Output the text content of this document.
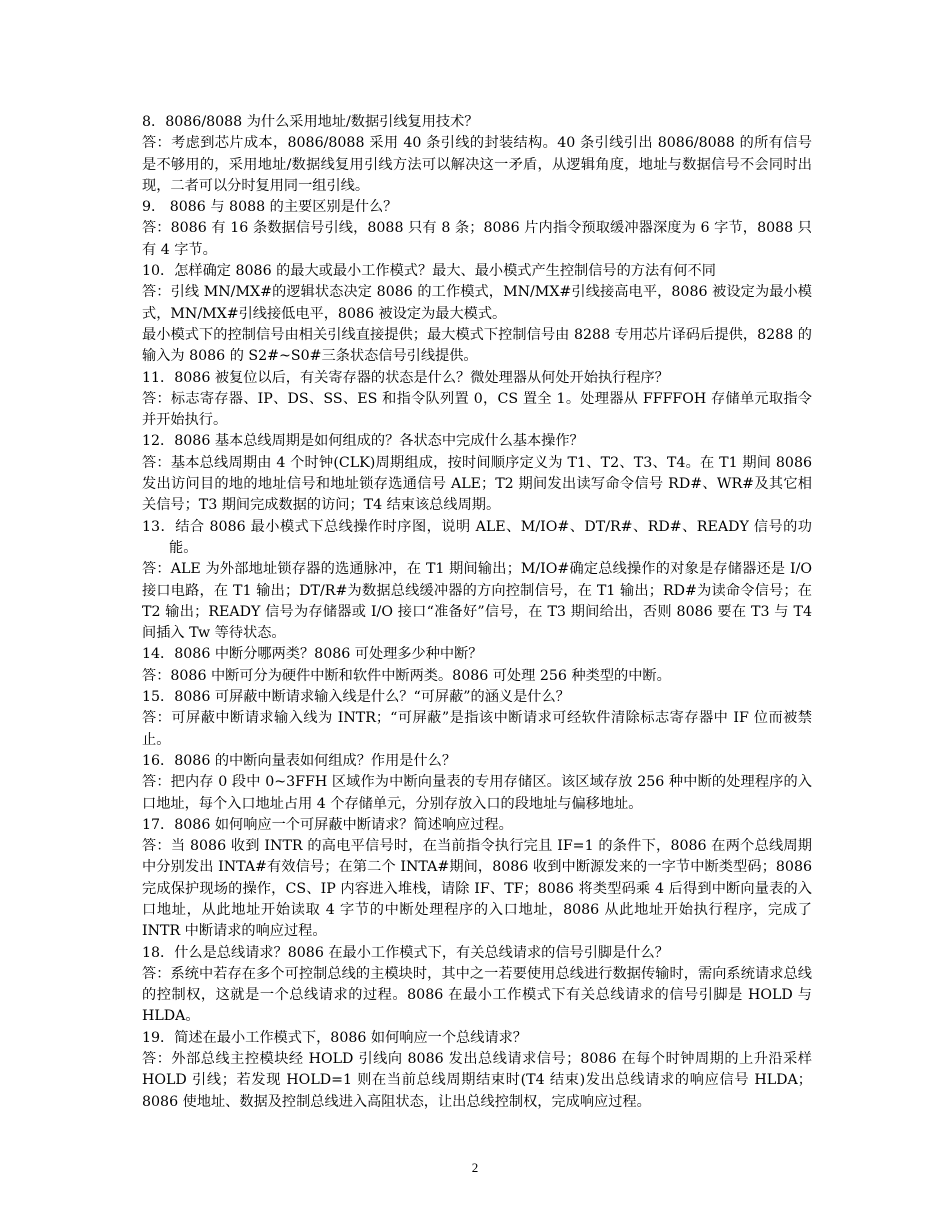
8．8086/8088 为什么采用地址/数据引线复用技术？

答：考虑到芯片成本，8086/8088 采用 40 条引线的封装结构。40 条引线引出 8086/8088 的所有信号是不够用的，采用地址/数据线复用引线方法可以解决这一矛盾，从逻辑角度，地址与数据信号不会同时出现，二者可以分时复用同一组引线。

9． 8086 与 8088 的主要区别是什么？

答：8086 有 16 条数据信号引线，8088 只有 8 条；8086 片内指令预取缓冲器深度为 6 字节，8088 只有 4 字节。

10．怎样确定 8086 的最大或最小工作模式？最大、最小模式产生控制信号的方法有何不同

答：引线 MN/MX#的逻辑状态决定 8086 的工作模式，MN/MX#引线接高电平，8086 被设定为最小模式，MN/MX#引线接低电平，8086 被设定为最大模式。

最小模式下的控制信号由相关引线直接提供；最大模式下控制信号由 8288 专用芯片译码后提供，8288 的输入为 8086 的 S2#~S0#三条状态信号引线提供。

11．8086 被复位以后，有关寄存器的状态是什么？微处理器从何处开始执行程序？

答：标志寄存器、IP、DS、SS、ES 和指令队列置 0，CS 置全 1。处理器从 FFFFOH 存储单元取指令并开始执行。

12．8086 基本总线周期是如何组成的？各状态中完成什么基本操作？

答：基本总线周期由 4 个时钟(CLK)周期组成，按时间顺序定义为 T1、T2、T3、T4。在 T1 期间 8086 发出访问目的地的地址信号和地址锁存选通信号 ALE；T2 期间发出读写命令信号 RD#、WR#及其它相关信号；T3 期间完成数据的访问；T4 结束该总线周期。

13．结合 8086 最小模式下总线操作时序图，说明 ALE、M/IO#、DT/R#、RD#、READY 信号的功能。

答：ALE 为外部地址锁存器的选通脉冲，在 T1 期间输出；M/IO#确定总线操作的对象是存储器还是 I/O 接口电路，在 T1 输出；DT/R#为数据总线缓冲器的方向控制信号，在 T1 输出；RD#为读命令信号；在 T2 输出；READY 信号为存储器或 I/O 接口“准备好”信号，在 T3 期间给出，否则 8086 要在 T3 与 T4 间插入 Tw 等待状态。

14．8086 中断分哪两类？8086 可处理多少种中断？

答：8086 中断可分为硬件中断和软件中断两类。8086 可处理 256 种类型的中断。

15．8086 可屏蔽中断请求输入线是什么？“可屏蔽”的涵义是什么？

答：可屏蔽中断请求输入线为 INTR；“可屏蔽”是指该中断请求可经软件清除标志寄存器中 IF 位而被禁止。

16．8086 的中断向量表如何组成？作用是什么？

答：把内存 0 段中 0~3FFH 区域作为中断向量表的专用存储区。该区域存放 256 种中断的处理程序的入口地址，每个入口地址占用 4 个存储单元，分别存放入口的段地址与偏移地址。

17．8086 如何响应一个可屏蔽中断请求？简述响应过程。

答：当 8086 收到 INTR 的高电平信号时，在当前指令执行完且 IF=1 的条件下，8086 在两个总线周期中分别发出 INTA#有效信号；在第二个 INTA#期间，8086 收到中断源发来的一字节中断类型码；8086 完成保护现场的操作，CS、IP 内容进入堆栈，请除 IF、TF；8086 将类型码乘 4 后得到中断向量表的入口地址，从此地址开始读取 4 字节的中断处理程序的入口地址，8086 从此地址开始执行程序，完成了 INTR 中断请求的响应过程。

18．什么是总线请求？8086 在最小工作模式下，有关总线请求的信号引脚是什么？

答：系统中若存在多个可控制总线的主模块时，其中之一若要使用总线进行数据传输时，需向系统请求总线的控制权，这就是一个总线请求的过程。8086 在最小工作模式下有关总线请求的信号引脚是 HOLD 与 HLDA。

19．简述在最小工作模式下，8086 如何响应一个总线请求？

答：外部总线主控模块经 HOLD 引线向 8086 发出总线请求信号；8086 在每个时钟周期的上升沿采样 HOLD 引线；若发现 HOLD=1 则在当前总线周期结束时(T4 结束)发出总线请求的响应信号 HLDA；8086 使地址、数据及控制总线进入高阻状态，让出总线控制权，完成响应过程。

2
